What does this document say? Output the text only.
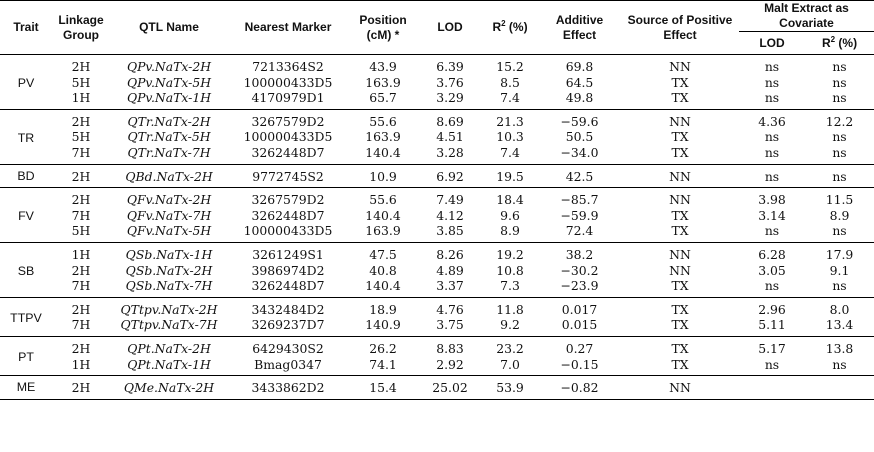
Trait	Linkage Group	QTL Name	Nearest Marker	Position (cM) *	LOD	$R^2$ (%)	Additive Effect	Source of Positive Effect	Malt Extract as Covariate	
									LOD	$R^2$ (%)
PV	2H	QPv.NaTx-2H	7213364S2	43.9	6.39	15.2	69.8	NN	ns	ns
	5H	QPv.NaTx-5H	100000433D5	163.9	3.76	8.5	64.5	TX	ns	ns
	1H	QPv.NaTx-1H	4170979D1	65.7	3.29	7.4	49.8	TX	ns	ns
TR	2H	QTr.NaTx-2H	3267579D2	55.6	8.69	21.3	−59.6	NN	4.36	12.2
	5H	QTr.NaTx-5H	100000433D5	163.9	4.51	10.3	50.5	TX	ns	ns
	7H	QTr.NaTx-7H	3262448D7	140.4	3.28	7.4	−34.0	TX	ns	ns
BD	2H	QBd.NaTx-2H	9772745S2	10.9	6.92	19.5	42.5	NN	ns	ns
FV	2H	QFv.NaTx-2H	3267579D2	55.6	7.49	18.4	−85.7	NN	3.98	11.5
	7H	QFv.NaTx-7H	3262448D7	140.4	4.12	9.6	−59.9	TX	3.14	8.9
	5H	QFv.NaTx-5H	100000433D5	163.9	3.85	8.9	72.4	TX	ns	ns
SB	1H	QSb.NaTx-1H	3261249S1	47.5	8.26	19.2	38.2	NN	6.28	17.9
	2H	QSb.NaTx-2H	3986974D2	40.8	4.89	10.8	−30.2	NN	3.05	9.1
	7H	QSb.NaTx-7H	3262448D7	140.4	3.37	7.3	−23.9	TX	ns	ns
TTPV	2H	QTtpv.NaTx-2H	3432484D2	18.9	4.76	11.8	0.017	TX	2.96	8.0
	7H	QTtpv.NaTx-7H	3269237D7	140.9	3.75	9.2	0.015	TX	5.11	13.4
PT	2H	QPt.NaTx-2H	6429430S2	26.2	8.83	23.2	0.27	TX	5.17	13.8
	1H	QPt.NaTx-1H	Bmag0347	74.1	2.92	7.0	−0.15	TX	ns	ns
ME	2H	QMe.NaTx-2H	3433862D2	15.4	25.02	53.9	−0.82	NN		
